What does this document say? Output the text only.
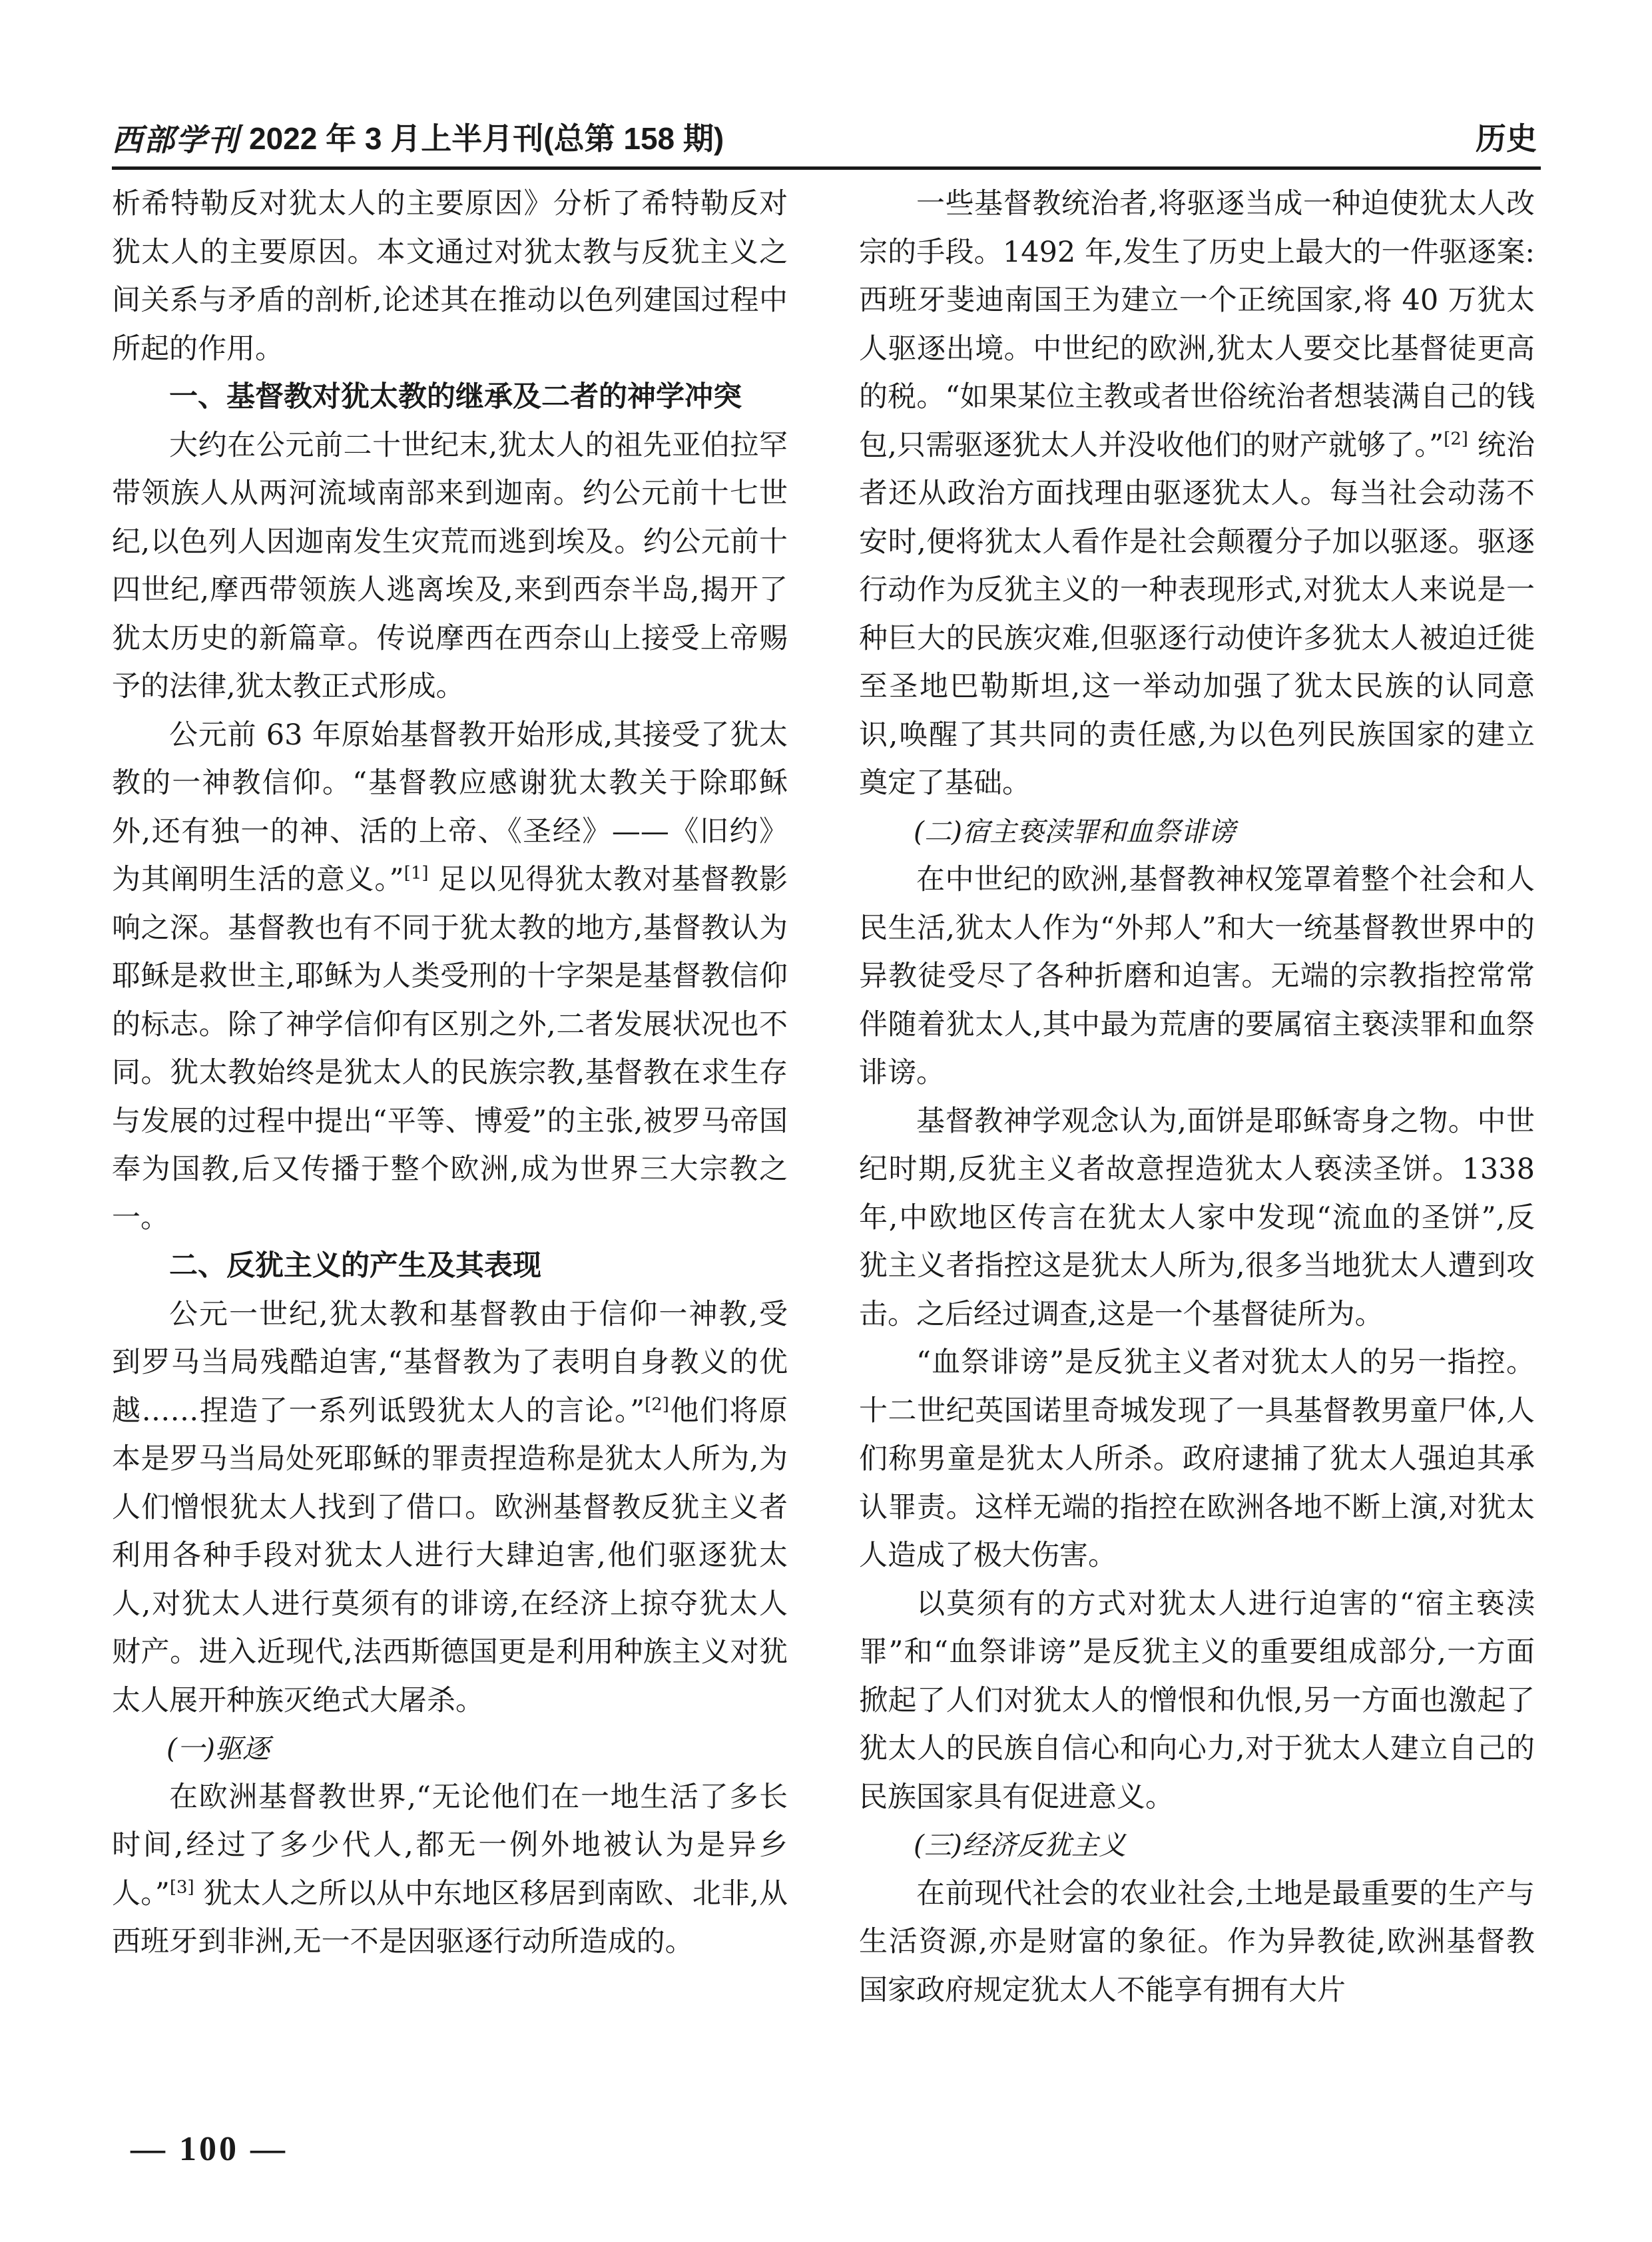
西部学刊 2022 年 3 月上半月刊(总第 158 期)	历史

析希特勒反对犹太人的主要原因》分析了希特勒反对犹太人的主要原因。本文通过对犹太教与反犹主义之间关系与矛盾的剖析,论述其在推动以色列建国过程中所起的作用。

一、基督教对犹太教的继承及二者的神学冲突

大约在公元前二十世纪末,犹太人的祖先亚伯拉罕带领族人从两河流域南部来到迦南。约公元前十七世纪,以色列人因迦南发生灾荒而逃到埃及。约公元前十四世纪,摩西带领族人逃离埃及,来到西奈半岛,揭开了犹太历史的新篇章。传说摩西在西奈山上接受上帝赐予的法律,犹太教正式形成。

公元前 63 年原始基督教开始形成,其接受了犹太教的一神教信仰。“基督教应感谢犹太教关于除耶稣外,还有独一的神、活的上帝、《圣经》——《旧约》为其阐明生活的意义。”[1] 足以见得犹太教对基督教影响之深。基督教也有不同于犹太教的地方,基督教认为耶稣是救世主,耶稣为人类受刑的十字架是基督教信仰的标志。除了神学信仰有区别之外,二者发展状况也不同。犹太教始终是犹太人的民族宗教,基督教在求生存与发展的过程中提出“平等、博爱”的主张,被罗马帝国奉为国教,后又传播于整个欧洲,成为世界三大宗教之一。

二、反犹主义的产生及其表现

公元一世纪,犹太教和基督教由于信仰一神教,受到罗马当局残酷迫害,“基督教为了表明自身教义的优越……捏造了一系列诋毁犹太人的言论。”[2]他们将原本是罗马当局处死耶稣的罪责捏造称是犹太人所为,为人们憎恨犹太人找到了借口。欧洲基督教反犹主义者利用各种手段对犹太人进行大肆迫害,他们驱逐犹太人,对犹太人进行莫须有的诽谤,在经济上掠夺犹太人财产。进入近现代,法西斯德国更是利用种族主义对犹太人展开种族灭绝式大屠杀。

(一)驱逐

在欧洲基督教世界,“无论他们在一地生活了多长时间,经过了多少代人,都无一例外地被认为是异乡人。”[3] 犹太人之所以从中东地区移居到南欧、北非,从西班牙到非洲,无一不是因驱逐行动所造成的。

一些基督教统治者,将驱逐当成一种迫使犹太人改宗的手段。1492 年,发生了历史上最大的一件驱逐案:西班牙斐迪南国王为建立一个正统国家,将 40 万犹太人驱逐出境。中世纪的欧洲,犹太人要交比基督徒更高的税。“如果某位主教或者世俗统治者想装满自己的钱包,只需驱逐犹太人并没收他们的财产就够了。”[2] 统治者还从政治方面找理由驱逐犹太人。每当社会动荡不安时,便将犹太人看作是社会颠覆分子加以驱逐。驱逐行动作为反犹主义的一种表现形式,对犹太人来说是一种巨大的民族灾难,但驱逐行动使许多犹太人被迫迁徙至圣地巴勒斯坦,这一举动加强了犹太民族的认同意识,唤醒了其共同的责任感,为以色列民族国家的建立奠定了基础。

(二)宿主亵渎罪和血祭诽谤

在中世纪的欧洲,基督教神权笼罩着整个社会和人民生活,犹太人作为“外邦人”和大一统基督教世界中的异教徒受尽了各种折磨和迫害。无端的宗教指控常常伴随着犹太人,其中最为荒唐的要属宿主亵渎罪和血祭诽谤。

基督教神学观念认为,面饼是耶稣寄身之物。中世纪时期,反犹主义者故意捏造犹太人亵渎圣饼。1338 年,中欧地区传言在犹太人家中发现“流血的圣饼”,反犹主义者指控这是犹太人所为,很多当地犹太人遭到攻击。之后经过调查,这是一个基督徒所为。

“血祭诽谤”是反犹主义者对犹太人的另一指控。十二世纪英国诺里奇城发现了一具基督教男童尸体,人们称男童是犹太人所杀。政府逮捕了犹太人强迫其承认罪责。这样无端的指控在欧洲各地不断上演,对犹太人造成了极大伤害。

以莫须有的方式对犹太人进行迫害的“宿主亵渎罪”和“血祭诽谤”是反犹主义的重要组成部分,一方面掀起了人们对犹太人的憎恨和仇恨,另一方面也激起了犹太人的民族自信心和向心力,对于犹太人建立自己的民族国家具有促进意义。

(三)经济反犹主义

在前现代社会的农业社会,土地是最重要的生产与生活资源,亦是财富的象征。作为异教徒,欧洲基督教国家政府规定犹太人不能享有拥有大片

— 100 —
